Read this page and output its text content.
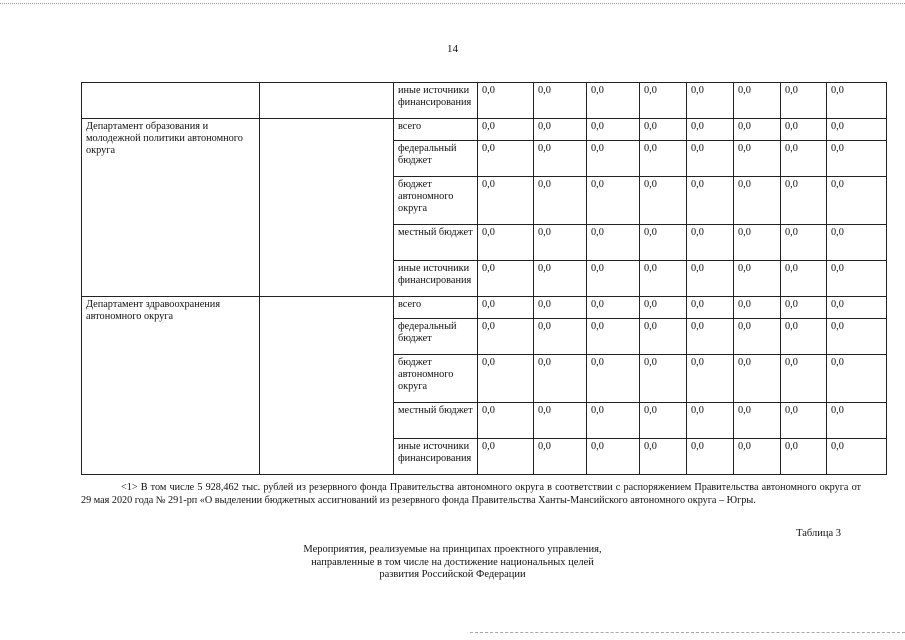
14
		иные источники финансирования	0,0	0,0	0,0	0,0	0,0	0,0	0,0	0,0
Департамент образования и молодежной политики автономного округа		всего	0,0	0,0	0,0	0,0	0,0	0,0	0,0	0,0
		федеральный бюджет	0,0	0,0	0,0	0,0	0,0	0,0	0,0	0,0
		бюджет автономного округа	0,0	0,0	0,0	0,0	0,0	0,0	0,0	0,0
		местный бюджет	0,0	0,0	0,0	0,0	0,0	0,0	0,0	0,0
		иные источники финансирования	0,0	0,0	0,0	0,0	0,0	0,0	0,0	0,0
Департамент здравоохранения автономного округа		всего	0,0	0,0	0,0	0,0	0,0	0,0	0,0	0,0
		федеральный бюджет	0,0	0,0	0,0	0,0	0,0	0,0	0,0	0,0
		бюджет автономного округа	0,0	0,0	0,0	0,0	0,0	0,0	0,0	0,0
		местный бюджет	0,0	0,0	0,0	0,0	0,0	0,0	0,0	0,0
		иные источники финансирования	0,0	0,0	0,0	0,0	0,0	0,0	0,0	0,0

<1> В том числе 5 928,462 тыс. рублей из резервного фонда Правительства автономного округа в соответствии с распоряжением Правительства автономного округа от 29 мая 2020 года № 291-рп «О выделении бюджетных ассигнований из резервного фонда Правительства Ханты-Мансийского автономного округа – Югры.

Таблица 3
Мероприятия, реализуемые на принципах проектного управления,
направленные в том числе на достижение национальных целей
развития Российской Федерации
